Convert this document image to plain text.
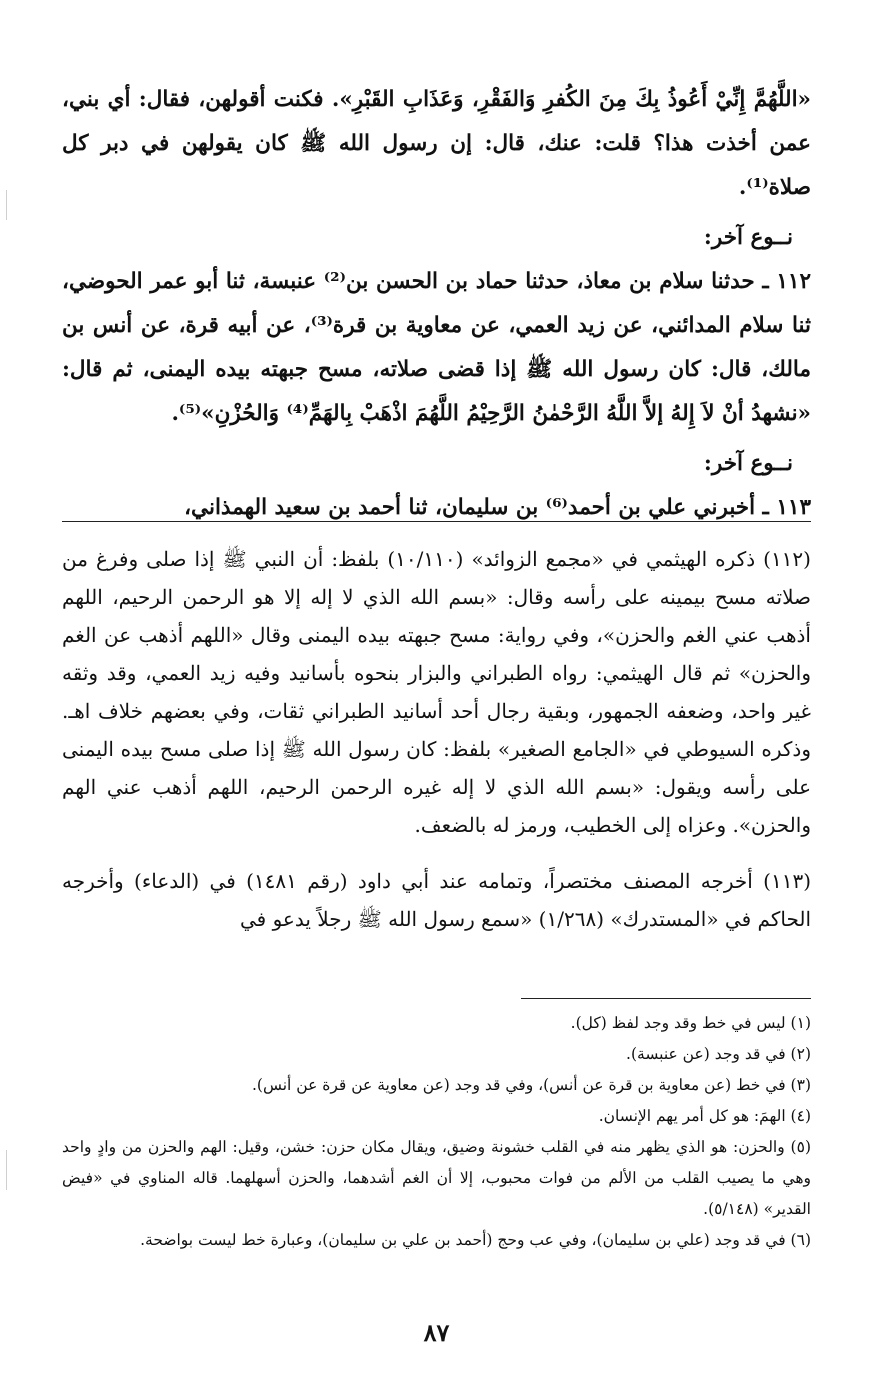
«اللَّهُمَّ إِنِّيْ أَعُوذُ بِكَ مِنَ الكُفرِ وَالفَقْرِ، وَعَذَابِ القَبْرِ». فكنت أقولهن، فقال: أي بني، عمن أخذت هذا؟ قلت: عنك، قال: إن رسول الله ﷺ كان يقولهن في دبر كل صلاة⁽¹⁾.

نــوع آخر:

١١٢ ـ حدثنا سلام بن معاذ، حدثنا حماد بن الحسن بن⁽²⁾ عنبسة، ثنا أبو عمر الحوضي، ثنا سلام المدائني، عن زيد العمي، عن معاوية بن قرة⁽³⁾، عن أبيه قرة، عن أنس بن مالك، قال: كان رسول الله ﷺ إذا قضى صلاته، مسح جبهته بيده اليمنى، ثم قال: «نشهدُ أنْ لاَ إِلهُ إلاَّ اللَّهُ الرَّحْمٰنُ الرَّحِيْمُ اللَّهُمَ اذْهَبْ بِالهَمِّ⁽⁴⁾ وَالحُزْنِ»⁽⁵⁾.

نــوع آخر:

١١٣ ـ أخبرني علي بن أحمد⁽⁶⁾ بن سليمان، ثنا أحمد بن سعيد الهمذاني،

(١١٢) ذكره الهيثمي في «مجمع الزوائد» (١٠/١١٠) بلفظ: أن النبي ﷺ إذا صلى وفرغ من صلاته مسح بيمينه على رأسه وقال: «بسم الله الذي لا إله إلا هو الرحمن الرحيم، اللهم أذهب عني الغم والحزن»، وفي رواية: مسح جبهته بيده اليمنى وقال «اللهم أذهب عن الغم والحزن» ثم قال الهيثمي: رواه الطبراني والبزار بنحوه بأسانيد وفيه زيد العمي، وقد وثقه غير واحد، وضعفه الجمهور، وبقية رجال أحد أسانيد الطبراني ثقات، وفي بعضهم خلاف اهـ. وذكره السيوطي في «الجامع الصغير» بلفظ: كان رسول الله ﷺ إذا صلى مسح بيده اليمنى على رأسه ويقول: «بسم الله الذي لا إله غيره الرحمن الرحيم، اللهم أذهب عني الهم والحزن». وعزاه إلى الخطيب، ورمز له بالضعف.

(١١٣) أخرجه المصنف مختصراً، وتمامه عند أبي داود (رقم ١٤٨١) في (الدعاء) وأخرجه الحاكم في «المستدرك» (١/٢٦٨) «سمع رسول الله ﷺ رجلاً يدعو في

(١) ليس في خط وقد وجد لفظ (كل).

(٢) في قد وجد (عن عنبسة).

(٣) في خط (عن معاوية بن قرة عن أنس)، وفي قد وجد (عن معاوية عن قرة عن أنس).

(٤) الهمَ: هو كل أمر يهم الإنسان.

(٥) والحزن: هو الذي يظهر منه في القلب خشونة وضيق، ويقال مكان حزن: خشن، وقيل: الهم والحزن من وادٍ واحد وهي ما يصيب القلب من الألم من فوات محبوب، إلا أن الغم أشدهما، والحزن أسهلهما. قاله المناوي في «فيض القدير» (٥/١٤٨).

(٦) في قد وجد (علي بن سليمان)، وفي عب وحج (أحمد بن علي بن سليمان)، وعبارة خط ليست بواضحة.

٨٧
